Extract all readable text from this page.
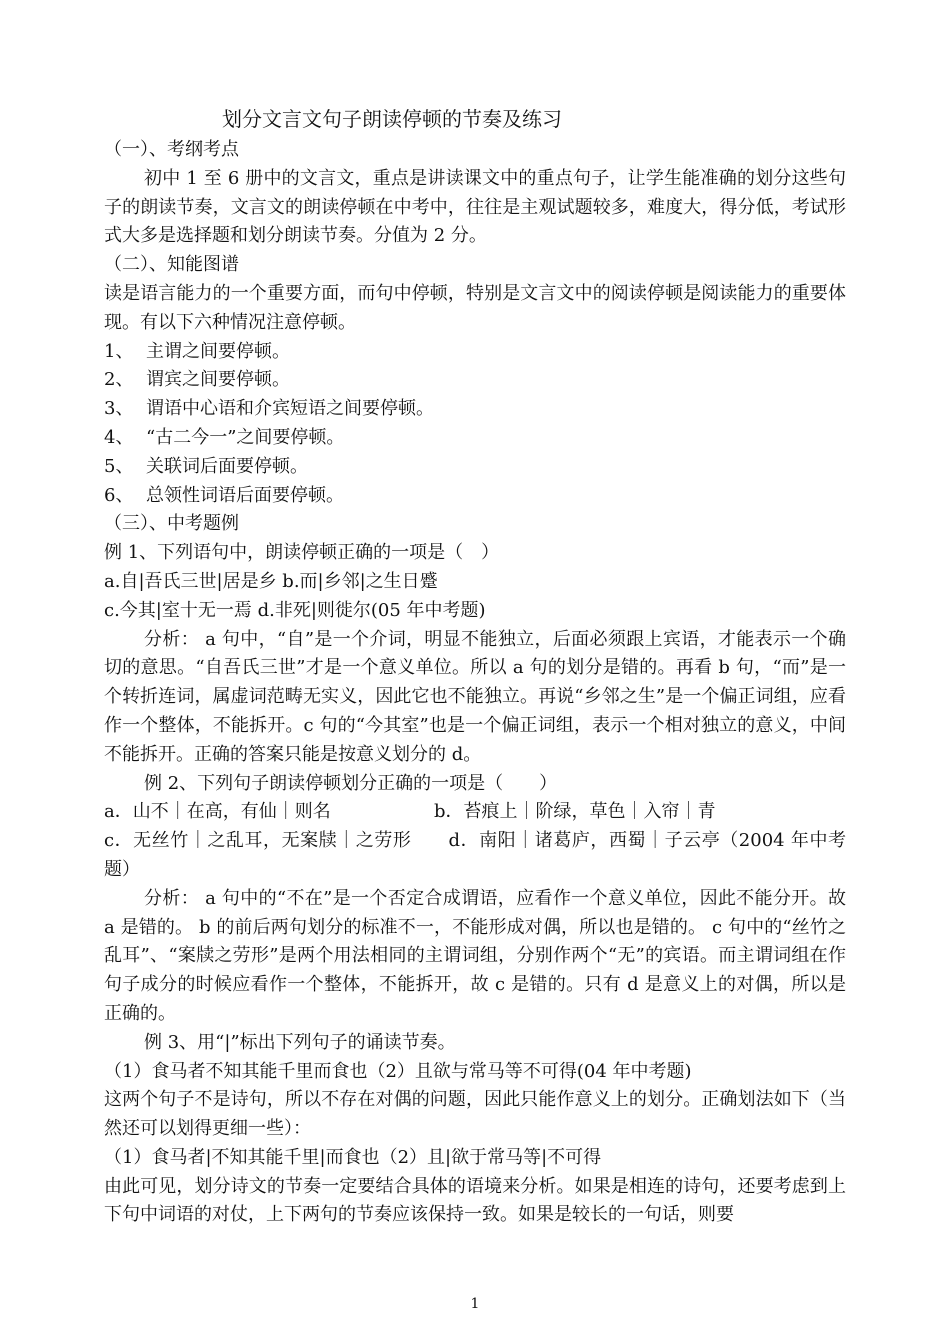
划分文言文句子朗读停顿的节奏及练习

（一）、考纲考点

初中 1 至 6 册中的文言文，重点是讲读课文中的重点句子，让学生能准确的划分这些句子的朗读节奏，文言文的朗读停顿在中考中，往往是主观试题较多，难度大，得分低，考试形式大多是选择题和划分朗读节奏。分值为 2 分。

（二）、知能图谱

读是语言能力的一个重要方面，而句中停顿，特别是文言文中的阅读停顿是阅读能力的重要体现。有以下六种情况注意停顿。

1、 主谓之间要停顿。
2、 谓宾之间要停顿。
3、 谓语中心语和介宾短语之间要停顿。
4、 “古二今一”之间要停顿。
5、 关联词后面要停顿。
6、 总领性词语后面要停顿。

（三）、中考题例

例 1、下列语句中，朗读停顿正确的一项是（　）

a.自|吾氏三世|居是乡 b.而|乡邻|之生日蹙

c.今其|室十无一焉 d.非死|则徙尔(05 年中考题)

分析： a 句中，“自”是一个介词，明显不能独立，后面必须跟上宾语，才能表示一个确切的意思。“自吾氏三世”才是一个意义单位。所以 a 句的划分是错的。再看 b 句，“而”是一个转折连词，属虚词范畴无实义，因此它也不能独立。再说“乡邻之生”是一个偏正词组，应看作一个整体，不能拆开。c 句的“今其室”也是一个偏正词组，表示一个相对独立的意义，中间不能拆开。正确的答案只能是按意义划分的 d。

例 2、下列句子朗读停顿划分正确的一项是（　　）

a．山不｜在高，有仙｜则名	b．苔痕上｜阶绿，草色｜入帘｜青

c．无丝竹｜之乱耳，无案牍｜之劳形　　d．南阳｜诸葛庐，西蜀｜子云亭（2004 年中考题）

分析： a 句中的“不在”是一个否定合成谓语，应看作一个意义单位，因此不能分开。故 a 是错的。 b 的前后两句划分的标准不一，不能形成对偶，所以也是错的。 c 句中的“丝竹之乱耳”、“案牍之劳形”是两个用法相同的主谓词组，分别作两个“无”的宾语。而主谓词组在作句子成分的时候应看作一个整体，不能拆开，故 c 是错的。只有 d 是意义上的对偶，所以是正确的。

例 3、用“|”标出下列句子的诵读节奏。

（1）食马者不知其能千里而食也（2）且欲与常马等不可得(04 年中考题)

这两个句子不是诗句，所以不存在对偶的问题，因此只能作意义上的划分。正确划法如下（当然还可以划得更细一些）：

（1）食马者|不知其能千里|而食也（2）且|欲于常马等|不可得

由此可见，划分诗文的节奏一定要结合具体的语境来分析。如果是相连的诗句，还要考虑到上下句中词语的对仗，上下两句的节奏应该保持一致。如果是较长的一句话，则要

1
